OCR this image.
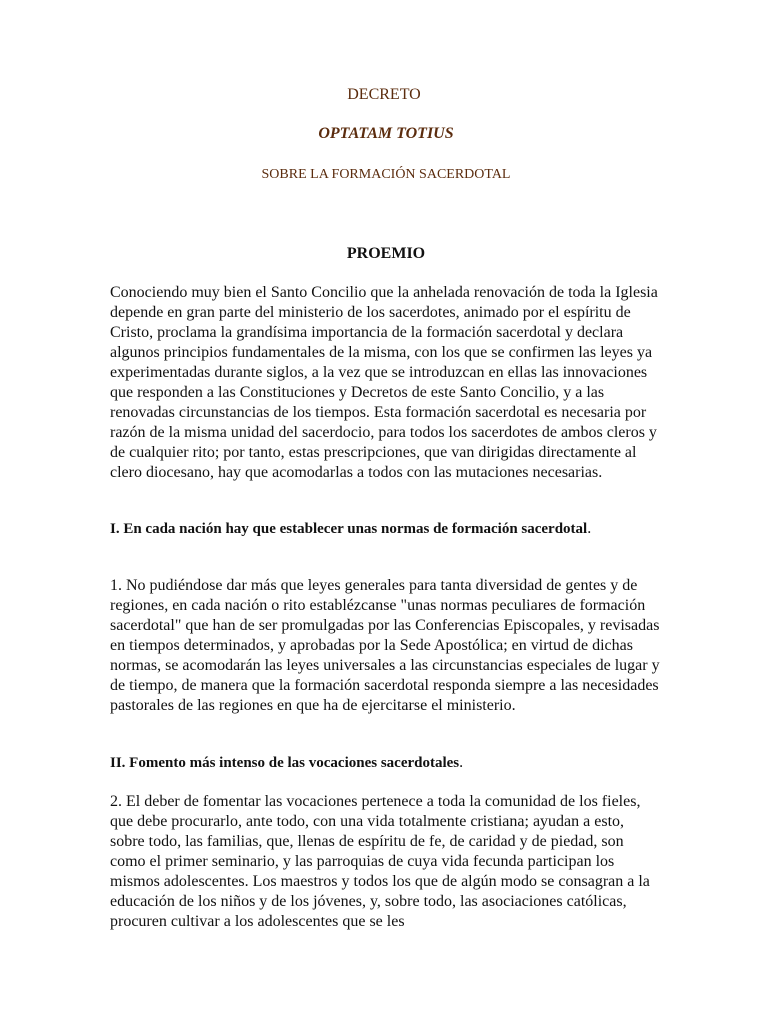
DECRETO
OPTATAM TOTIUS
SOBRE LA FORMACIÓN SACERDOTAL
PROEMIO

Conociendo muy bien el Santo Concilio que la anhelada renovación de toda la Iglesia depende en gran parte del ministerio de los sacerdotes, animado por el espíritu de Cristo, proclama la grandísima importancia de la formación sacerdotal y declara algunos principios fundamentales de la misma, con los que se confirmen las leyes ya experimentadas durante siglos, a la vez que se introduzcan en ellas las innovaciones que responden a las Constituciones y Decretos de este Santo Concilio, y a las renovadas circunstancias de los tiempos. Esta formación sacerdotal es necesaria por razón de la misma unidad del sacerdocio, para todos los sacerdotes de ambos cleros y de cualquier rito; por tanto, estas prescripciones, que van dirigidas directamente al clero diocesano, hay que acomodarlas a todos con las mutaciones necesarias.

I. En cada nación hay que establecer unas normas de formación sacerdotal.

1. No pudiéndose dar más que leyes generales para tanta diversidad de gentes y de regiones, en cada nación o rito establézcanse "unas normas peculiares de formación sacerdotal" que han de ser promulgadas por las Conferencias Episcopales, y revisadas en tiempos determinados, y aprobadas por la Sede Apostólica; en virtud de dichas normas, se acomodarán las leyes universales a las circunstancias especiales de lugar y de tiempo, de manera que la formación sacerdotal responda siempre a las necesidades pastorales de las regiones en que ha de ejercitarse el ministerio.

II. Fomento más intenso de las vocaciones sacerdotales.

2. El deber de fomentar las vocaciones pertenece a toda la comunidad de los fieles, que debe procurarlo, ante todo, con una vida totalmente cristiana; ayudan a esto, sobre todo, las familias, que, llenas de espíritu de fe, de caridad y de piedad, son como el primer seminario, y las parroquias de cuya vida fecunda participan los mismos adolescentes. Los maestros y todos los que de algún modo se consagran a la educación de los niños y de los jóvenes, y, sobre todo, las asociaciones católicas, procuren cultivar a los adolescentes que se les
